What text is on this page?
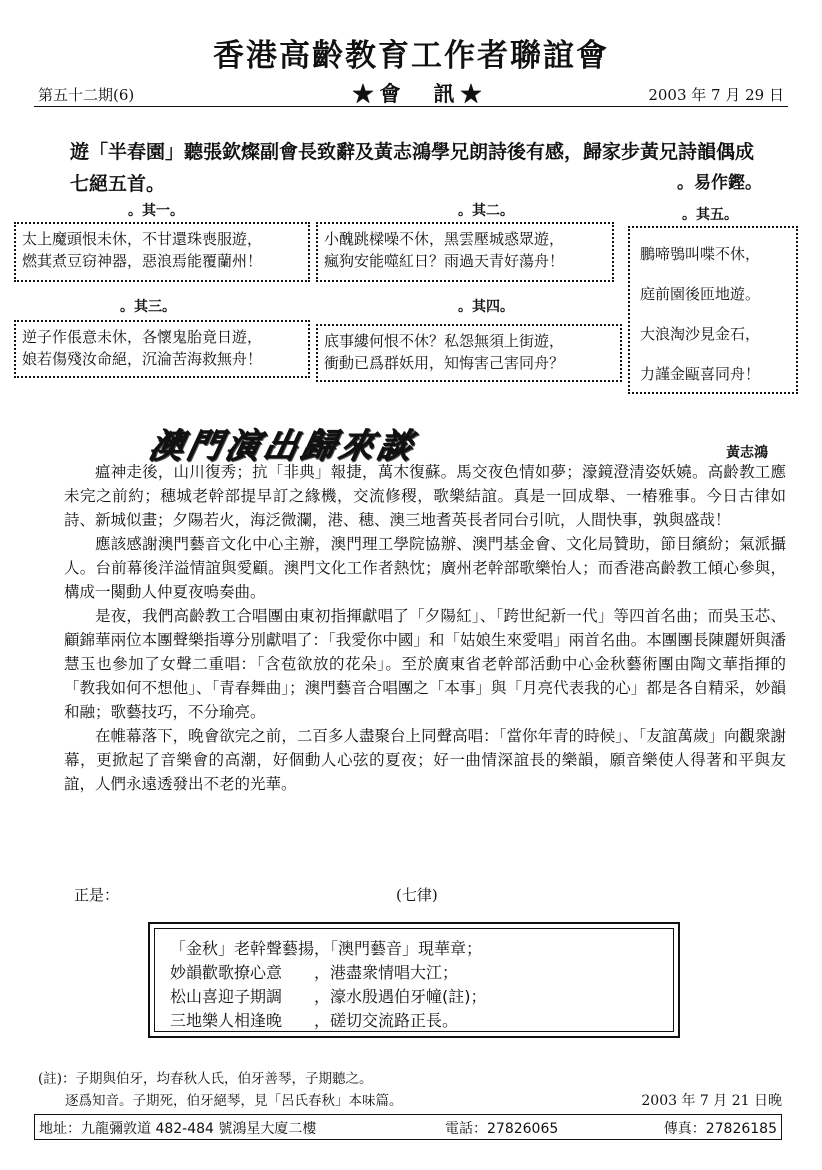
香港高齡教育工作者聯誼會
第五十二期(6)	★會　訊★	2003 年 7 月 29 日
遊「半春園」聽張欽燦副會長致辭及黃志鴻學兄朗詩後有感，歸家步黃兄詩韻偶成
七絕五首。	。易作鏗。
。其一。
太上魔頭恨未休，不甘還珠喪服遊，
燃萁煮豆窃神器，惡浪焉能覆蘭州！
。其二。
小醜跳樑噪不休，黑雲壓城惑眾遊，
瘋狗安能噬紅日？雨過天青好蕩舟！
。其三。
逆子作倀意未休，各懷鬼胎竟日遊，
娘若傷殘汝命絕，沉淪苦海救無舟！
。其四。
底事縷何恨不休？私怨無須上街遊，
衝動已爲群妖用，知悔害己害同舟？
。其五。
鵬啼鴞叫喋不休，
庭前園後匝地遊。
大浪淘沙見金石，
力謹金甌喜同舟！
澳門演出歸來談	黃志鴻

瘟神走後，山川復秀；抗「非典」報捷，萬木復蘇。馬交夜色情如夢；濠鏡澄清姿妖嬈。高齡教工應未完之前約；穗城老幹部提早訂之緣機，交流修稷，歌樂結誼。真是一回成舉、一樁雅事。今日古律如詩、新城似畫；夕陽若火，海泛微瀾，港、穗、澳三地耆英長者同台引吭，人間快事，孰與盛哉！

應該感謝澳門藝音文化中心主辦，澳門理工學院協辦、澳門基金會、文化局贊助，節目繽紛；氣派攝人。台前幕後洋溢情誼與愛顧。澳門文化工作者熱忱；廣州老幹部歌樂怡人；而香港高齡教工傾心參與，構成一闋動人仲夏夜嗚奏曲。

是夜，我們高齡教工合唱團由東初指揮獻唱了「夕陽紅」、「跨世紀新一代」等四首名曲；而吳玉芯、顧錦華兩位本團聲樂指導分別獻唱了：「我愛你中國」和「姑娘生來愛唱」兩首名曲。本團團長陳麗妍與潘慧玉也參加了女聲二重唱：「含苞欲放的花朵」。至於廣東省老幹部活動中心金秋藝術團由陶文華指揮的「教我如何不想他」、「青春舞曲」；澳門藝音合唱團之「本事」與「月亮代表我的心」都是各自精采，妙韻和融；歌藝技巧，不分瑜亮。

在帷幕落下，晚會欲完之前，二百多人盡聚台上同聲高唱：「當你年青的時候」、「友誼萬歲」向觀衆謝幕，更掀起了音樂會的高潮，好個動人心弦的夏夜；好一曲情深誼長的樂韻，願音樂使人得著和平與友誼，人們永遠透發出不老的光華。

正是：	(七律)
「金秋」老幹聲藝揚，「澳門藝音」現華章；
妙韻歡歌撩心意　　，港盡衆情唱大江；
松山喜迎子期調　　，濠水殷遇伯牙幢(註)；
三地樂人相逢晚　　，磋切交流路正長。
(註)：子期與伯牙，均春秋人氏，伯牙善琴，子期聽之。
　　逐爲知音。子期死，伯牙絕琴，見「呂氏春秋」本味篇。	2003 年 7 月 21 日晚
地址：九龍彌敦道 482-484 號鴻星大廈二樓	電話：27826065	傳真：27826185
